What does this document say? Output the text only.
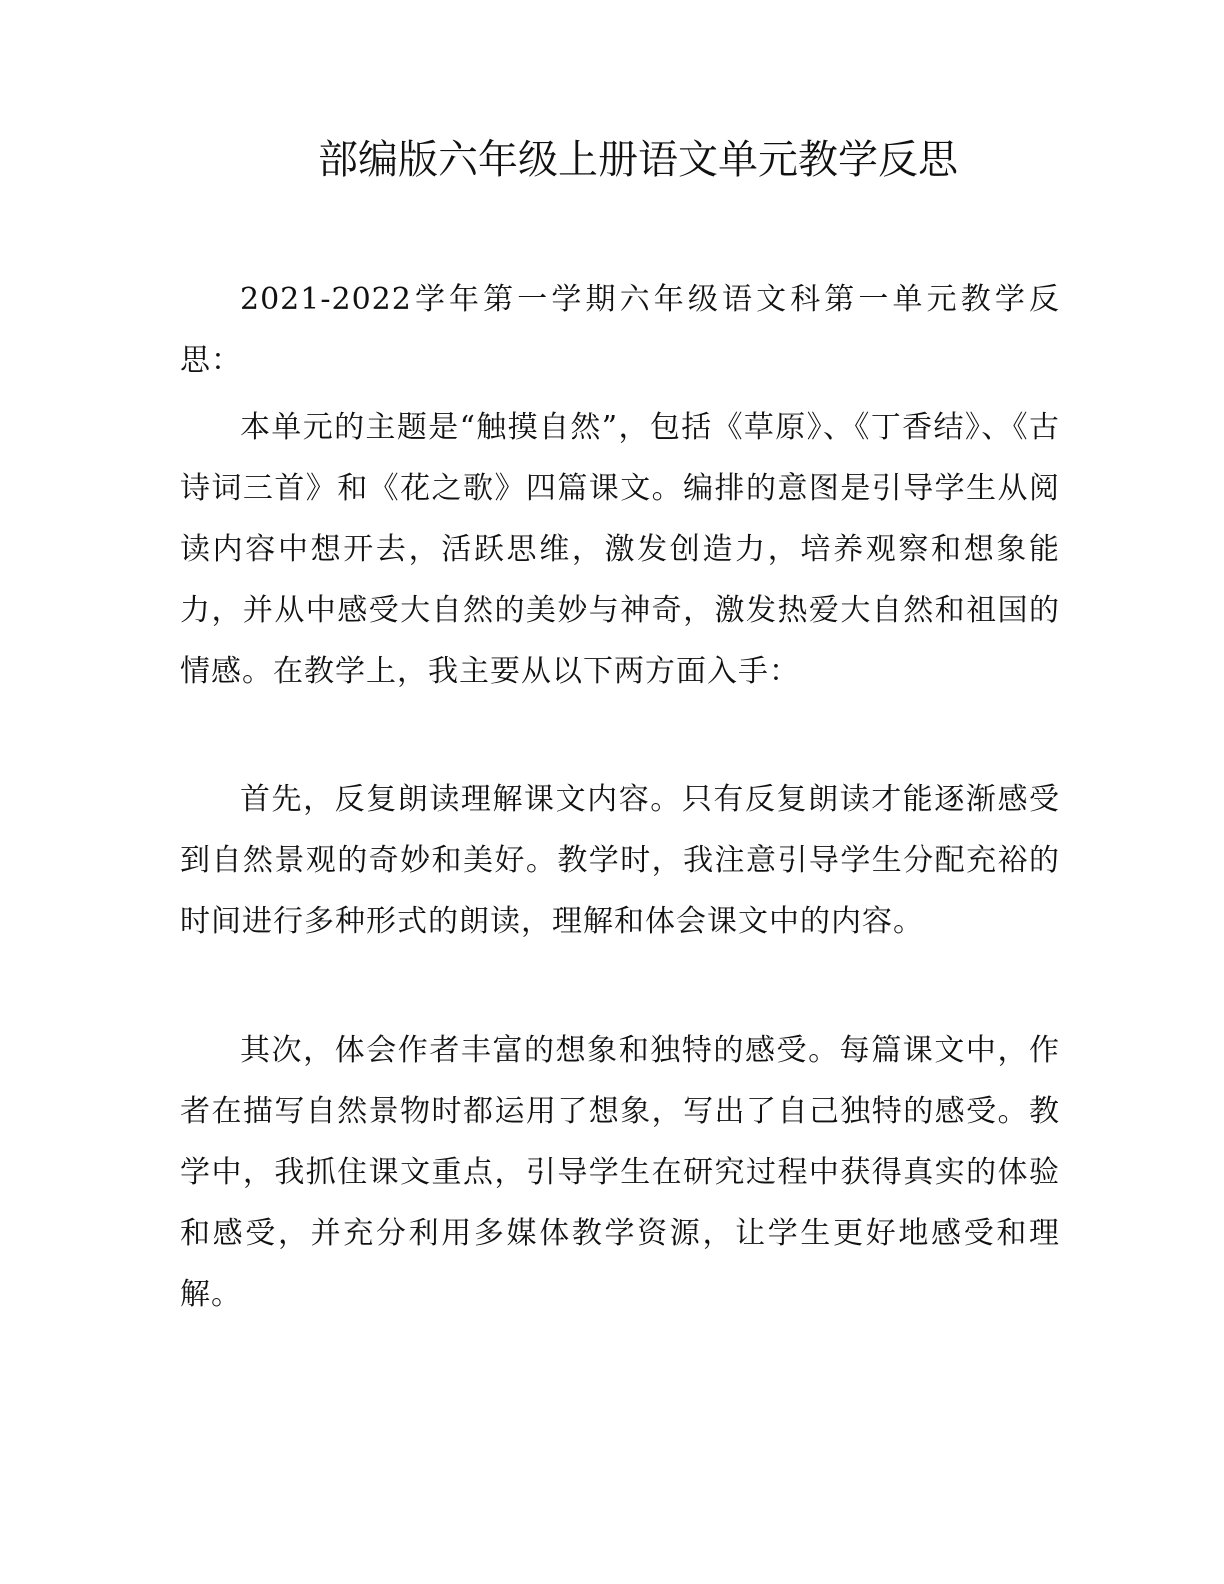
部编版六年级上册语文单元教学反思

2021-2022学年第一学期六年级语文科第一单元教学反思：

本单元的主题是“触摸自然”，包括《草原》、《丁香结》、《古诗词三首》和《花之歌》四篇课文。编排的意图是引导学生从阅读内容中想开去，活跃思维，激发创造力，培养观察和想象能力，并从中感受大自然的美妙与神奇，激发热爱大自然和祖国的情感。在教学上，我主要从以下两方面入手：

首先，反复朗读理解课文内容。只有反复朗读才能逐渐感受到自然景观的奇妙和美好。教学时，我注意引导学生分配充裕的时间进行多种形式的朗读，理解和体会课文中的内容。

其次，体会作者丰富的想象和独特的感受。每篇课文中，作者在描写自然景物时都运用了想象，写出了自己独特的感受。教学中，我抓住课文重点，引导学生在研究过程中获得真实的体验和感受，并充分利用多媒体教学资源，让学生更好地感受和理解。
